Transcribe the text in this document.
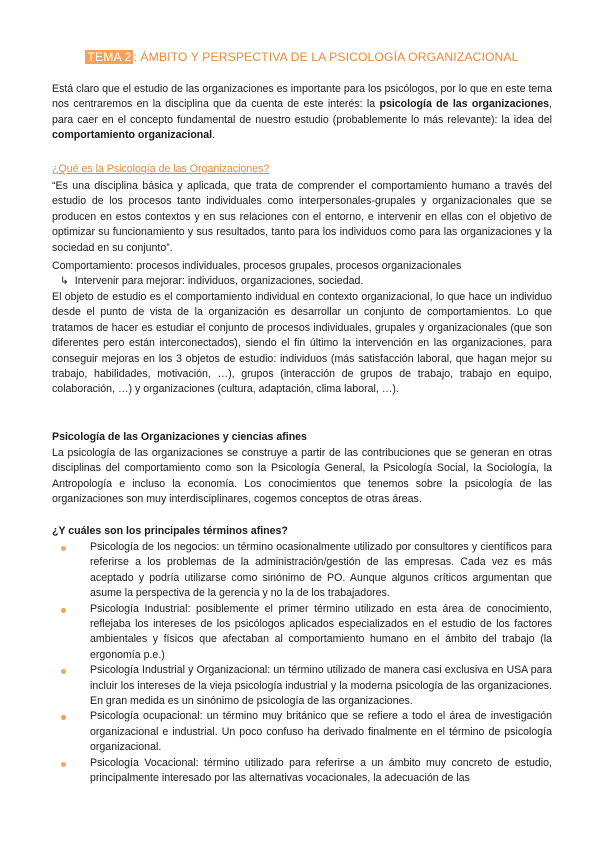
TEMA 2 : ÁMBITO Y PERSPECTIVA DE LA PSICOLOGÍA ORGANIZACIONAL
Está claro que el estudio de las organizaciones es importante para los psicólogos, por lo que en este tema nos centraremos en la disciplina que da cuenta de este interés: la psicología de las organizaciones, para caer en el concepto fundamental de nuestro estudio (probablemente lo más relevante): la idea del comportamiento organizacional.
¿Qué es la Psicología de las Organizaciones?
“Es una disciplina básica y aplicada, que trata de comprender el comportamiento humano a través del estudio de los procesos tanto individuales como interpersonales-grupales y organizacionales que se producen en estos contextos y en sus relaciones con el entorno, e intervenir en ellas con el objetivo de optimizar su funcionamiento y sus resultados, tanto para los individuos como para las organizaciones y la sociedad en su conjunto”.
Comportamiento: procesos individuales, procesos grupales, procesos organizacionales
↳ Intervenir para mejorar: individuos, organizaciones, sociedad.
El objeto de estudio es el comportamiento individual en contexto organizacional, lo que hace un individuo desde el punto de vista de la organización es desarrollar un conjunto de comportamientos. Lo que tratamos de hacer es estudiar el conjunto de procesos individuales, grupales y organizacionales (que son diferentes pero están interconectados), siendo el fin último la intervención en las organizaciones, para conseguir mejoras en los 3 objetos de estudio: individuos (más satisfacción laboral, que hagan mejor su trabajo, habilidades, motivación, …), grupos (interacción de grupos de trabajo, trabajo en equipo, colaboración, …) y organizaciones (cultura, adaptación, clima laboral, …).
Psicología de las Organizaciones y ciencias afines
La psicología de las organizaciones se construye a partir de las contribuciones que se generan en otras disciplinas del comportamiento como son la Psicología General, la Psicología Social, la Sociología, la Antropología e incluso la economía. Los conocimientos que tenemos sobre la psicología de las organizaciones son muy interdisciplinares, cogemos conceptos de otras áreas.
¿Y cuáles son los principales términos afines?
Psicología de los negocios: un término ocasionalmente utilizado por consultores y científicos para referirse a los problemas de la administración/gestión de las empresas. Cada vez es más aceptado y podría utilizarse como sinónimo de PO. Aunque algunos críticos argumentan que asume la perspectiva de la gerencia y no la de los trabajadores.
Psicología Industrial: posiblemente el primer término utilizado en esta área de conocimiento, reflejaba los intereses de los psicólogos aplicados especializados en el estudio de los factores ambientales y físicos que afectaban al comportamiento humano en el ámbito del trabajo (la ergonomía p.e.)
Psicología Industrial y Organizacional: un término utilizado de manera casi exclusiva en USA para incluir los intereses de la vieja psicología industrial y la moderna psicología de las organizaciones. En gran medida es un sinónimo de psicología de las organizaciones.
Psicología ocupacional: un término muy británico que se refiere a todo el área de investigación organizacional e industrial. Un poco confuso ha derivado finalmente en el término de psicología organizacional.
Psicología Vocacional: término utilizado para referirse a un ámbito muy concreto de estudio, principalmente interesado por las alternativas vocacionales, la adecuación de las
